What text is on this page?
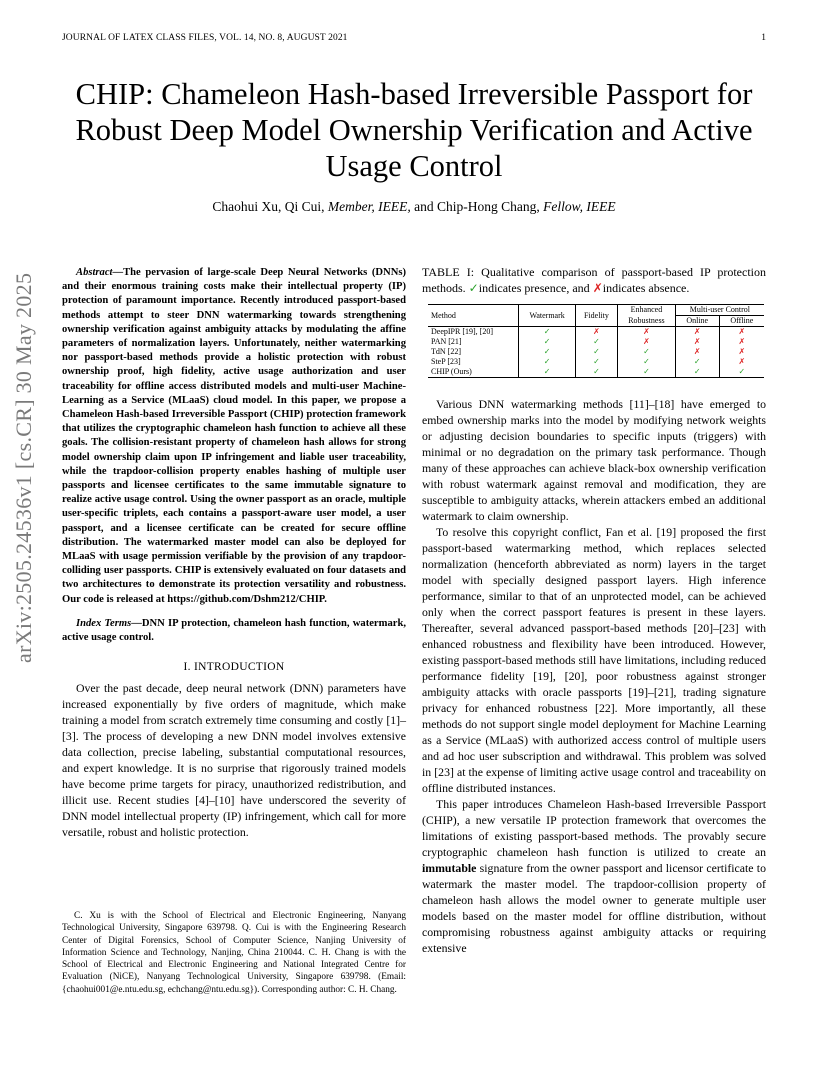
JOURNAL OF LATEX CLASS FILES, VOL. 14, NO. 8, AUGUST 2021	1
arXiv:2505.24536v1 [cs.CR] 30 May 2025
CHIP: Chameleon Hash-based Irreversible Passport for Robust Deep Model Ownership Verification and Active Usage Control
Chaohui Xu, Qi Cui, Member, IEEE, and Chip-Hong Chang, Fellow, IEEE

Abstract—The pervasion of large-scale Deep Neural Networks (DNNs) and their enormous training costs make their intellectual property (IP) protection of paramount importance. Recently introduced passport-based methods attempt to steer DNN watermarking towards strengthening ownership verification against ambiguity attacks by modulating the affine parameters of normalization layers. Unfortunately, neither watermarking nor passport-based methods provide a holistic protection with robust ownership proof, high fidelity, active usage authorization and user traceability for offline access distributed models and multi-user Machine-Learning as a Service (MLaaS) cloud model. In this paper, we propose a Chameleon Hash-based Irreversible Passport (CHIP) protection framework that utilizes the cryptographic chameleon hash function to achieve all these goals. The collision-resistant property of chameleon hash allows for strong model ownership claim upon IP infringement and liable user traceability, while the trapdoor-collision property enables hashing of multiple user passports and licensee certificates to the same immutable signature to realize active usage control. Using the owner passport as an oracle, multiple user-specific triplets, each contains a passport-aware user model, a user passport, and a licensee certificate can be created for secure offline distribution. The watermarked master model can also be deployed for MLaaS with usage permission verifiable by the provision of any trapdoor-colliding user passports. CHIP is extensively evaluated on four datasets and two architectures to demonstrate its protection versatility and robustness. Our code is released at https://github.com/Dshm212/CHIP.

Index Terms—DNN IP protection, chameleon hash function, watermark, active usage control.

I. INTRODUCTION

Over the past decade, deep neural network (DNN) parameters have increased exponentially by five orders of magnitude, which make training a model from scratch extremely time consuming and costly [1]–[3]. The process of developing a new DNN model involves extensive data collection, precise labeling, substantial computational resources, and expert knowledge. It is no surprise that rigorously trained models have become prime targets for piracy, unauthorized redistribution, and illicit use. Recent studies [4]–[10] have underscored the severity of DNN model intellectual property (IP) infringement, which call for more versatile, robust and holistic protection.

C. Xu is with the School of Electrical and Electronic Engineering, Nanyang Technological University, Singapore 639798. Q. Cui is with the Engineering Research Center of Digital Forensics, School of Computer Science, Nanjing University of Information Science and Technology, Nanjing, China 210044. C. H. Chang is with the School of Electrical and Electronic Engineering and National Integrated Centre for Evaluation (NiCE), Nanyang Technological University, Singapore 639798. (Email: {chaohui001@e.ntu.edu.sg, echchang@ntu.edu.sg}). Corresponding author: C. H. Chang.

TABLE I: Qualitative comparison of passport-based IP protection methods. ✓indicates presence, and ✗indicates absence.

Method	Watermark	Fidelity	Enhanced	Multi-user Control	
			Robustness	Online	Offline
DeepIPR [19], [20]	✓	✗	✗	✗	✗
PAN [21]	✓	✓	✗	✗	✗
TdN [22]	✓	✓	✓	✗	✗
SteP [23]	✓	✓	✓	✓	✗
CHIP (Ours)	✓	✓	✓	✓	✓

Various DNN watermarking methods [11]–[18] have emerged to embed ownership marks into the model by modifying network weights or adjusting decision boundaries to specific inputs (triggers) with minimal or no degradation on the primary task performance. Though many of these approaches can achieve black-box ownership verification with robust watermark against removal and modification, they are susceptible to ambiguity attacks, wherein attackers embed an additional watermark to claim ownership.

To resolve this copyright conflict, Fan et al. [19] proposed the first passport-based watermarking method, which replaces selected normalization (henceforth abbreviated as norm) layers in the target model with specially designed passport layers. High inference performance, similar to that of an unprotected model, can be achieved only when the correct passport features is present in these layers. Thereafter, several advanced passport-based methods [20]–[23] with enhanced robustness and flexibility have been introduced. However, existing passport-based methods still have limitations, including reduced performance fidelity [19], [20], poor robustness against stronger ambiguity attacks with oracle passports [19]–[21], trading signature privacy for enhanced robustness [22]. More importantly, all these methods do not support single model deployment for Machine Learning as a Service (MLaaS) with authorized access control of multiple users and ad hoc user subscription and withdrawal. This problem was solved in [23] at the expense of limiting active usage control and traceability on offline distributed instances.

This paper introduces Chameleon Hash-based Irreversible Passport (CHIP), a new versatile IP protection framework that overcomes the limitations of existing passport-based methods. The provably secure cryptographic chameleon hash function is utilized to create an immutable signature from the owner passport and licensor certificate to watermark the master model. The trapdoor-collision property of chameleon hash allows the model owner to generate multiple user models based on the master model for offline distribution, without compromising robustness against ambiguity attacks or requiring extensive
